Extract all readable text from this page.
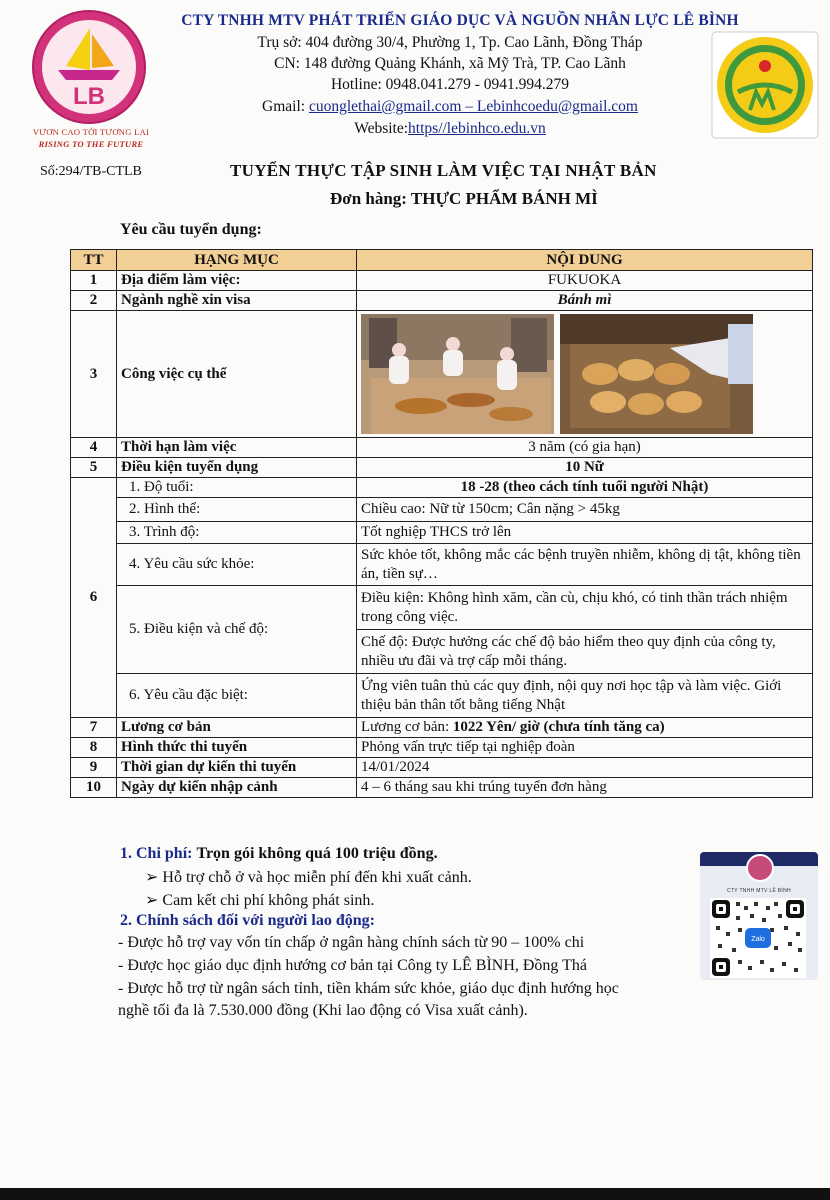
LB
VƯƠN CAO TỚI TƯƠNG LAI
RISING TO THE FUTURE
CTY TNHH MTV PHÁT TRIỂN GIÁO DỤC VÀ NGUỒN NHÂN LỰC LÊ BÌNH
Trụ sở: 404 đường 30/4, Phường 1, Tp. Cao Lãnh, Đồng Tháp
CN: 148 đường Quảng Khánh, xã Mỹ Trà, TP. Cao Lãnh
Hotline: 0948.041.279 - 0941.994.279
Gmail: cuonglethai@gmail.com – Lebinhcoedu@gmail.com
Website:https//lebinhco.edu.vn
Số:294/TB-CTLB	TUYỂN THỰC TẬP SINH LÀM VIỆC TẠI NHẬT BẢN
Đơn hàng: THỰC PHẨM BÁNH MÌ
Yêu cầu tuyển dụng:
TT	HẠNG MỤC	NỘI DUNG
1	Địa điểm làm việc:	FUKUOKA
2	Ngành nghề xin visa	Bánh mì
3	Công việc cụ thể	

4	Thời hạn làm việc	3 năm (có gia hạn)
5	Điều kiện tuyển dụng	10 Nữ
6	1. Độ tuổi:	18 -28 (theo cách tính tuổi người Nhật)
	2. Hình thể:	Chiều cao: Nữ từ 150cm; Cân nặng > 45kg
	3. Trình độ:	Tốt nghiệp THCS trở lên
	4. Yêu cầu sức khỏe:	Sức khỏe tốt, không mắc các bệnh truyền nhiễm, không dị tật, không tiền án, tiền sự…
	5. Điều kiện và chế độ:	Điều kiện: Không hình xăm, cần cù, chịu khó, có tinh thần trách nhiệm trong công việc.
		Chế độ: Được hưởng các chế độ bảo hiểm theo quy định của công ty, nhiều ưu đãi và trợ cấp mỗi tháng.
	6. Yêu cầu đặc biệt:	Ứng viên tuân thủ các quy định, nội quy nơi học tập và làm việc. Giới thiệu bản thân tốt bằng tiếng Nhật
7	Lương cơ bản	Lương cơ bản: 1022 Yên/ giờ (chưa tính tăng ca)
8	Hình thức thi tuyển	Phỏng vấn trực tiếp tại nghiệp đoàn
9	Thời gian dự kiến thi tuyển	14/01/2024
10	Ngày dự kiến nhập cảnh	4 – 6 tháng sau khi trúng tuyển đơn hàng
1. Chi phí: Trọn gói không quá 100 triệu đồng.
➢ Hỗ trợ chỗ ở và học miễn phí đến khi xuất cảnh.
➢ Cam kết chi phí không phát sinh.
2. Chính sách đối với người lao động:
- Được hỗ trợ vay vốn tín chấp ở ngân hàng chính sách từ 90 – 100% chi
- Được học giáo dục định hướng cơ bản tại Công ty LÊ BÌNH, Đồng Thá
- Được hỗ trợ từ ngân sách tỉnh, tiền khám sức khỏe, giáo dục định hướng học
nghề tối đa là 7.530.000 đồng (Khi lao động có Visa xuất cảnh).
CTY TNHH MTV LÊ BÌNH
Zalo
